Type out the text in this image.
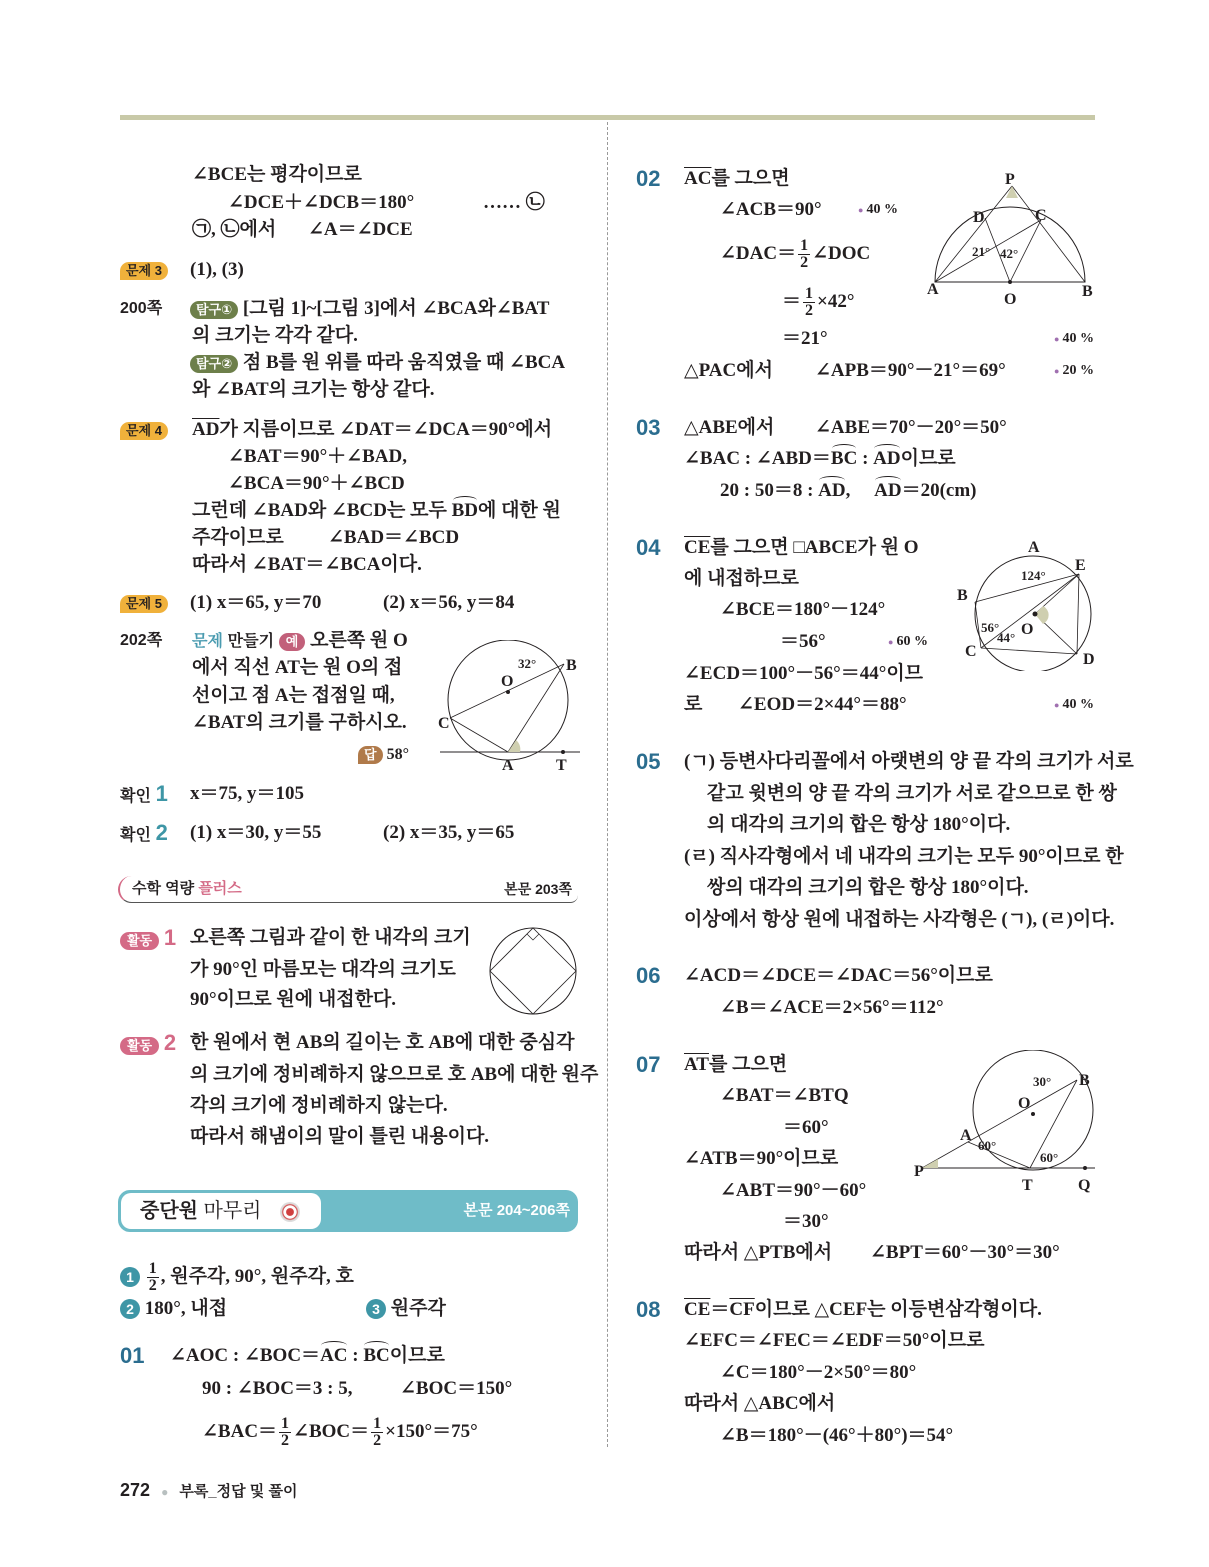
∠BCE는 평각이므로
∠DCE＋∠DCB＝180°	…… ㉡
㉠, ㉡에서 ∠A＝∠DCE
문제 3	(1), (3)
200쪽	탐구① [그림 1]~[그림 3]에서 ∠BCA와∠BAT
의 크기는 각각 같다.
탐구② 점 B를 원 위를 따라 움직였을 때 ∠BCA
와 ∠BAT의 크기는 항상 같다.
문제 4	$\overline{AD}$가 지름이므로 ∠DAT＝∠DCA＝90°에서
∠BAT＝90°＋∠BAD,
∠BCA＝90°＋∠BCD
그런데 ∠BAD와 ∠BCD는 모두 BD에 대한 원
주각이므로 ∠BAD＝∠BCD
따라서 ∠BAT＝∠BCA이다.
문제 5	(1) x＝65, y＝70	(2) x＝56, y＝84
202쪽 문제 만들기 예 오른쪽 원 O
에서 직선 AT는 원 O의 접
선이고 점 A는 접점일 때,
∠BAT의 크기를 구하시오.
답 58°
32° B
O
C
A	T
확인 1 x＝75, y＝105
확인 2 (1) x＝30, y＝55	(2) x＝35, y＝65
수학 역량 플러스	본문 203쪽
활동 1 오른쪽 그림과 같이 한 내각의 크기
가 90°인 마름모는 대각의 크기도
90°이므로 원에 내접한다.
활동 2 한 원에서 현 AB의 길이는 호 AB에 대한 중심각
의 크기에 정비례하지 않으므로 호 AB에 대한 원주
각의 크기에 정비례하지 않는다.
따라서 해냄이의 말이 틀린 내용이다.
중단원 마무리	본문 204~206쪽
$1 \frac{1}{2}$ , 원주각, 90°, 원주각, 호
2 180°, 내접	3 원주각
01 ∠AOC : ∠BOC＝AC : BC이므로
90 : ∠BOC＝3 : 5,	∠BOC＝150°
∠BAC＝ $\frac{1}{2}$ ∠BOC＝ $\frac{1}{2} \times 150^\circ=75^\circ$
02 $\overline{AC}$를 그으면
∠ACB＝90°	● 40 %
∠DAC＝ $\frac{1}{2}$ ∠DOC
＝ $\frac{1}{2} \times 42^\circ$
＝21°	● 40 %
△PAC에서 ∠APB＝90°－21°＝69°	● 20 %
P
D	C
21° 42°
A
O	B
03 △ABE에서 ∠ABE＝70°－20°＝50°
∠BAC : ∠ABD＝BC : AD이므로
20 : 50＝8 : AD, AD＝20(cm)
04 $\overline{CE}$를 그으면 □ABCE가 원 O
에 내접하므로
∠BCE＝180°－124°
＝56°	● 60 %
∠ECD＝100°－56°＝44°이므
로 ∠EOD＝2×44°＝88°	● 40 %
A
E
B
124°
56°
44° O
C	D
05 (ㄱ) 등변사다리꼴에서 아랫변의 양 끝 각의 크기가 서로
같고 윗변의 양 끝 각의 크기가 서로 같으므로 한 쌍
의 대각의 크기의 합은 항상 180°이다.
(ㄹ) 직사각형에서 네 내각의 크기는 모두 90°이므로 한
쌍의 대각의 크기의 합은 항상 180°이다.
이상에서 항상 원에 내접하는 사각형은 (ㄱ), (ㄹ)이다.
06 ∠ACD＝∠DCE＝∠DAC＝56°이므로
∠B＝∠ACE＝2×56°＝112°
07 $\overline{AT}$를 그으면
∠BAT＝∠BTQ
＝60°
∠ATB＝90°이므로
∠ABT＝90°－60°
＝30°
따라서 △PTB에서 ∠BPT＝60°－30°＝30°
30° B
O
A
60°
60°
P
T	Q
08 $\overline{CE}=\overline{CF}$이므로 △CEF는 이등변삼각형이다.
∠EFC＝∠FEC＝∠EDF＝50°이므로
∠C＝180°－2×50°＝80°
따라서 △ABC에서
∠B＝180°－(46°＋80°)＝54°
272 ● 부록_정답 및 풀이
